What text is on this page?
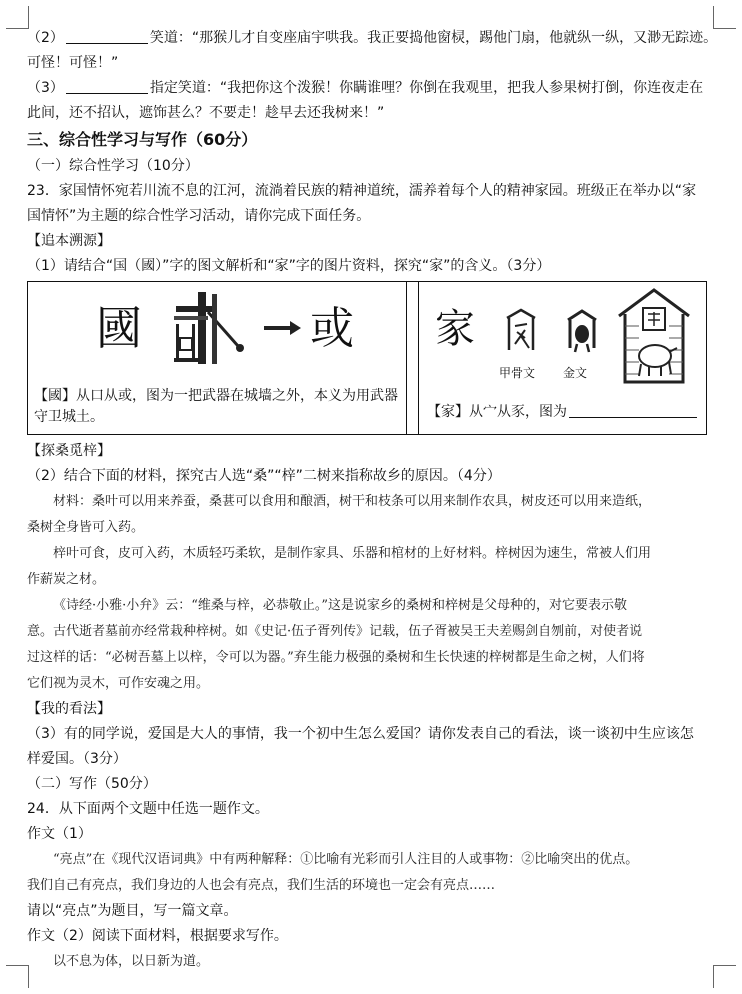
（2）	笑道：“那猴儿才自变座庙宇哄我。我正要捣他窗棂，踢他门扇，他就纵一纵，又渺无踪迹。
可怪！可怪！”
（3）	指定笑道：“我把你这个泼猴！你瞒谁哩？你倒在我观里，把我人参果树打倒，你连夜走在
此间，还不招认，遮饰甚么？不要走！趁早去还我树来！”
三、综合性学习与写作（60分）
（一）综合性学习（10分）
23．家国情怀宛若川流不息的江河，流淌着民族的精神道统，濡养着每个人的精神家园。班级正在举办以“家
国情怀”为主题的综合性学习活动，请你完成下面任务。
【追本溯源】
（1）请结合“国（國）”字的图文解析和“家”字的图片资料，探究“家”的含义。（3分）
國	或
【國】从口从或，图为一把武器在城墙之外，本义为用武器
守卫城土。
家
甲骨文 金文
【家】从宀从豕，图为
【探桑觅梓】
（2）结合下面的材料，探究古人选“桑”“梓”二树来指称故乡的原因。（4分）
材料：桑叶可以用来养蚕，桑葚可以食用和酿酒，树干和枝条可以用来制作农具，树皮还可以用来造纸，
桑树全身皆可入药。
梓叶可食，皮可入药，木质轻巧柔软，是制作家具、乐器和棺材的上好材料。梓树因为速生，常被人们用
作薪炭之材。
《诗经·小雅·小弁》云：“维桑与梓，必恭敬止。”这是说家乡的桑树和梓树是父母种的，对它要表示敬
意。古代逝者墓前亦经常栽种梓树。如《史记·伍子胥列传》记载，伍子胥被吴王夫差赐剑自刎前，对使者说
过这样的话：“必树吾墓上以梓，令可以为器。”弃生能力极强的桑树和生长快速的梓树都是生命之树，人们将
它们视为灵木，可作安魂之用。
【我的看法】
（3）有的同学说，爱国是大人的事情，我一个初中生怎么爱国？请你发表自己的看法，谈一谈初中生应该怎
样爱国。（3分）
（二）写作（50分）
24．从下面两个文题中任选一题作文。
作文（1）
“亮点”在《现代汉语词典》中有两种解释：①比喻有光彩而引人注目的人或事物：②比喻突出的优点。
我们自己有亮点，我们身边的人也会有亮点，我们生活的环境也一定会有亮点……
请以“亮点”为题目，写一篇文章。
作文（2）阅读下面材料，根据要求写作。
以不息为体，以日新为道。
